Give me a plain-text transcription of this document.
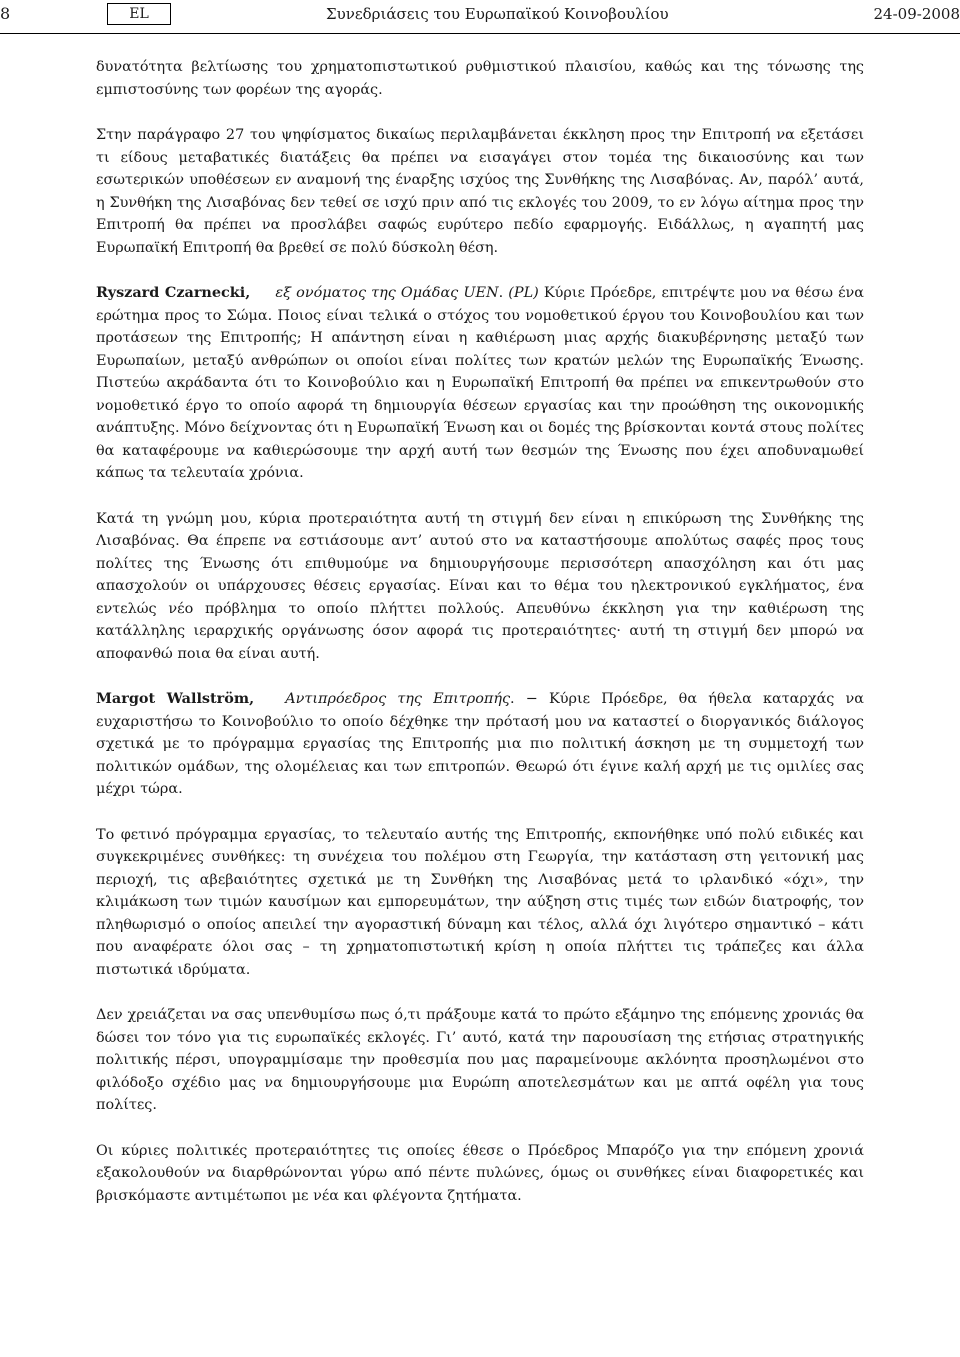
8	EL	Συνεδριάσεις του Ευρωπαϊκού Κοινοβουλίου	24-09-2008

δυνατότητα βελτίωσης του χρηματοπιστωτικού ρυθμιστικού πλαισίου, καθώς και της τόνωσης της εμπιστοσύνης των φορέων της αγοράς.

Στην παράγραφο 27 του ψηφίσματος δικαίως περιλαμβάνεται έκκληση προς την Επιτροπή να εξετάσει τι είδους μεταβατικές διατάξεις θα πρέπει να εισαγάγει στον τομέα της δικαιοσύνης και των εσωτερικών υποθέσεων εν αναμονή της έναρξης ισχύος της Συνθήκης της Λισαβόνας. Αν, παρόλ’ αυτά, η Συνθήκη της Λισαβόνας δεν τεθεί σε ισχύ πριν από τις εκλογές του 2009, το εν λόγω αίτημα προς την Επιτροπή θα πρέπει να προσλάβει σαφώς ευρύτερο πεδίο εφαρμογής. Ειδάλλως, η αγαπητή μας Ευρωπαϊκή Επιτροπή θα βρεθεί σε πολύ δύσκολη θέση.

Ryszard Czarnecki, εξ ονόματος της Ομάδας UEN. (PL) Κύριε Πρόεδρε, επιτρέψτε μου να θέσω ένα ερώτημα προς το Σώμα. Ποιος είναι τελικά ο στόχος του νομοθετικού έργου του Κοινοβουλίου και των προτάσεων της Επιτροπής; Η απάντηση είναι η καθιέρωση μιας αρχής διακυβέρνησης μεταξύ των Ευρωπαίων, μεταξύ ανθρώπων οι οποίοι είναι πολίτες των κρατών μελών της Ευρωπαϊκής Ένωσης. Πιστεύω ακράδαντα ότι το Κοινοβούλιο και η Ευρωπαϊκή Επιτροπή θα πρέπει να επικεντρωθούν στο νομοθετικό έργο το οποίο αφορά τη δημιουργία θέσεων εργασίας και την προώθηση της οικονομικής ανάπτυξης. Μόνο δείχνοντας ότι η Ευρωπαϊκή Ένωση και οι δομές της βρίσκονται κοντά στους πολίτες θα καταφέρουμε να καθιερώσουμε την αρχή αυτή των θεσμών της Ένωσης που έχει αποδυναμωθεί κάπως τα τελευταία χρόνια.

Κατά τη γνώμη μου, κύρια προτεραιότητα αυτή τη στιγμή δεν είναι η επικύρωση της Συνθήκης της Λισαβόνας. Θα έπρεπε να εστιάσουμε αντ’ αυτού στο να καταστήσουμε απολύτως σαφές προς τους πολίτες της Ένωσης ότι επιθυμούμε να δημιουργήσουμε περισσότερη απασχόληση και ότι μας απασχολούν οι υπάρχουσες θέσεις εργασίας. Είναι και το θέμα του ηλεκτρονικού εγκλήματος, ένα εντελώς νέο πρόβλημα το οποίο πλήττει πολλούς. Απευθύνω έκκληση για την καθιέρωση της κατάλληλης ιεραρχικής οργάνωσης όσον αφορά τις προτεραιότητες· αυτή τη στιγμή δεν μπορώ να αποφανθώ ποια θα είναι αυτή.

Margot Wallström, Αντιπρόεδρος της Επιτροπής. − Κύριε Πρόεδρε, θα ήθελα καταρχάς να ευχαριστήσω το Κοινοβούλιο το οποίο δέχθηκε την πρότασή μου να καταστεί ο διοργανικός διάλογος σχετικά με το πρόγραμμα εργασίας της Επιτροπής μια πιο πολιτική άσκηση με τη συμμετοχή των πολιτικών ομάδων, της ολομέλειας και των επιτροπών. Θεωρώ ότι έγινε καλή αρχή με τις ομιλίες σας μέχρι τώρα.

Το φετινό πρόγραμμα εργασίας, το τελευταίο αυτής της Επιτροπής, εκπονήθηκε υπό πολύ ειδικές και συγκεκριμένες συνθήκες: τη συνέχεια του πολέμου στη Γεωργία, την κατάσταση στη γειτονική μας περιοχή, τις αβεβαιότητες σχετικά με τη Συνθήκη της Λισαβόνας μετά το ιρλανδικό «όχι», την κλιμάκωση των τιμών καυσίμων και εμπορευμάτων, την αύξηση στις τιμές των ειδών διατροφής, τον πληθωρισμό ο οποίος απειλεί την αγοραστική δύναμη και τέλος, αλλά όχι λιγότερο σημαντικό – κάτι που αναφέρατε όλοι σας – τη χρηματοπιστωτική κρίση η οποία πλήττει τις τράπεζες και άλλα πιστωτικά ιδρύματα.

Δεν χρειάζεται να σας υπενθυμίσω πως ό,τι πράξουμε κατά το πρώτο εξάμηνο της επόμενης χρονιάς θα δώσει τον τόνο για τις ευρωπαϊκές εκλογές. Γι’ αυτό, κατά την παρουσίαση της ετήσιας στρατηγικής πολιτικής πέρσι, υπογραμμίσαμε την προθεσμία που μας παραμείνουμε ακλόνητα προσηλωμένοι στο φιλόδοξο σχέδιο μας να δημιουργήσουμε μια Ευρώπη αποτελεσμάτων και με απτά οφέλη για τους πολίτες.

Οι κύριες πολιτικές προτεραιότητες τις οποίες έθεσε ο Πρόεδρος Μπαρόζο για την επόμενη χρονιά εξακολουθούν να διαρθρώνονται γύρω από πέντε πυλώνες, όμως οι συνθήκες είναι διαφορετικές και βρισκόμαστε αντιμέτωποι με νέα και φλέγοντα ζητήματα.
